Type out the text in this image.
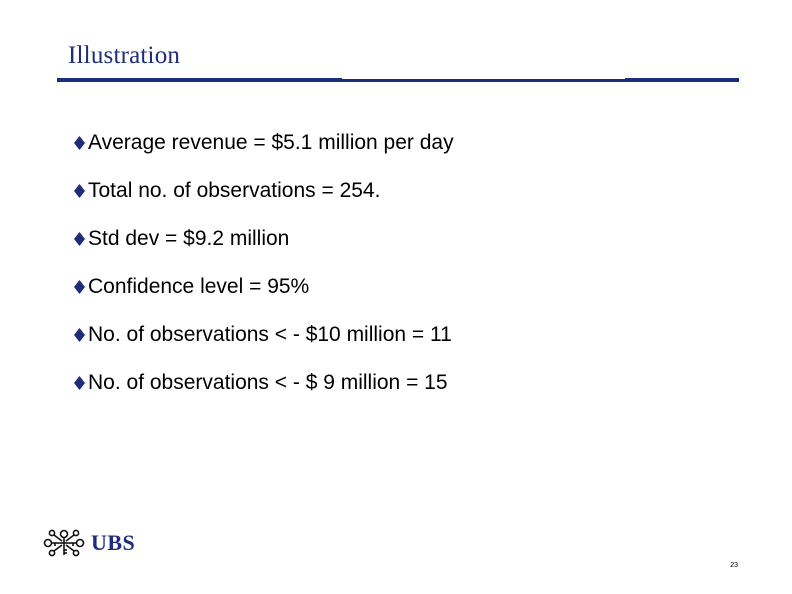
Illustration
Average revenue = $5.1 million per day
Total no. of observations = 254.
Std dev = $9.2 million
Confidence level = 95%
No. of observations < - $10 million = 11
No. of observations < - $ 9 million = 15
UBS
23
